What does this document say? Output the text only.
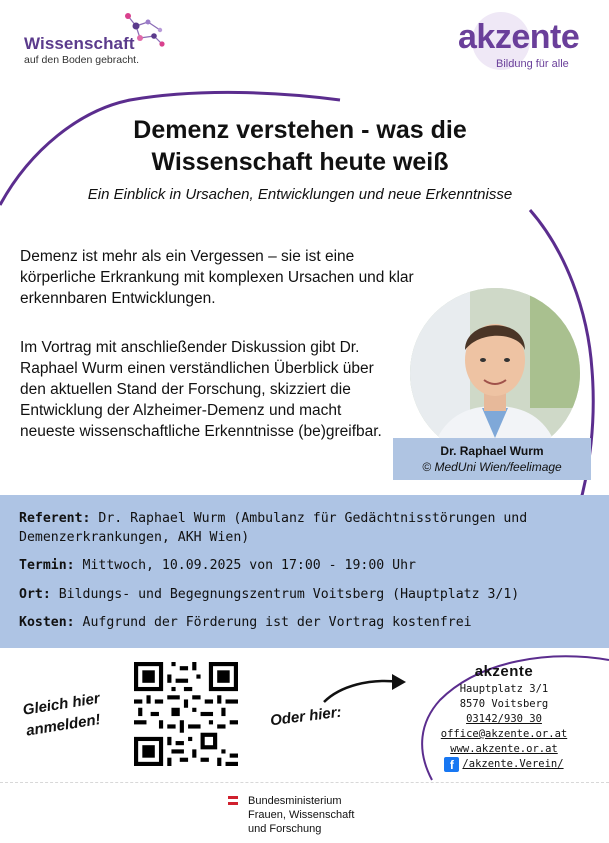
Wissenschaft
auf den Boden gebracht.
akzente
Bildung für alle
Demenz verstehen - was die
Wissenschaft heute weiß
Ein Einblick in Ursachen, Entwicklungen und neue Erkenntnisse

Demenz ist mehr als ein Vergessen – sie ist eine körperliche Erkrankung mit komplexen Ursachen und klar erkennbaren Entwicklungen.

Im Vortrag mit anschließender Diskussion gibt Dr. Raphael Wurm einen verständlichen Überblick über den aktuellen Stand der Forschung, skizziert die Entwicklung der Alzheimer-Demenz und macht neueste wissenschaftliche Erkenntnisse (be)greifbar.

Dr. Raphael Wurm
© MedUni Wien/feelimage
Referent: Dr. Raphael Wurm (Ambulanz für Gedächtnisstörungen und Demenzerkrankungen, AKH Wien)
Termin: Mittwoch, 10.09.2025 von 17:00 - 19:00 Uhr
Ort: Bildungs- und Begegnungszentrum Voitsberg (Hauptplatz 3/1)
Kosten: Aufgrund der Förderung ist der Vortrag kostenfrei
Gleich hier
anmelden!	Oder hier:
akzente
Hauptplatz 3/1
8570 Voitsberg
03142/930 30
office@akzente.or.at
www.akzente.or.at
f /akzente.Verein/
Bundesministerium
Frauen, Wissenschaft
und Forschung
